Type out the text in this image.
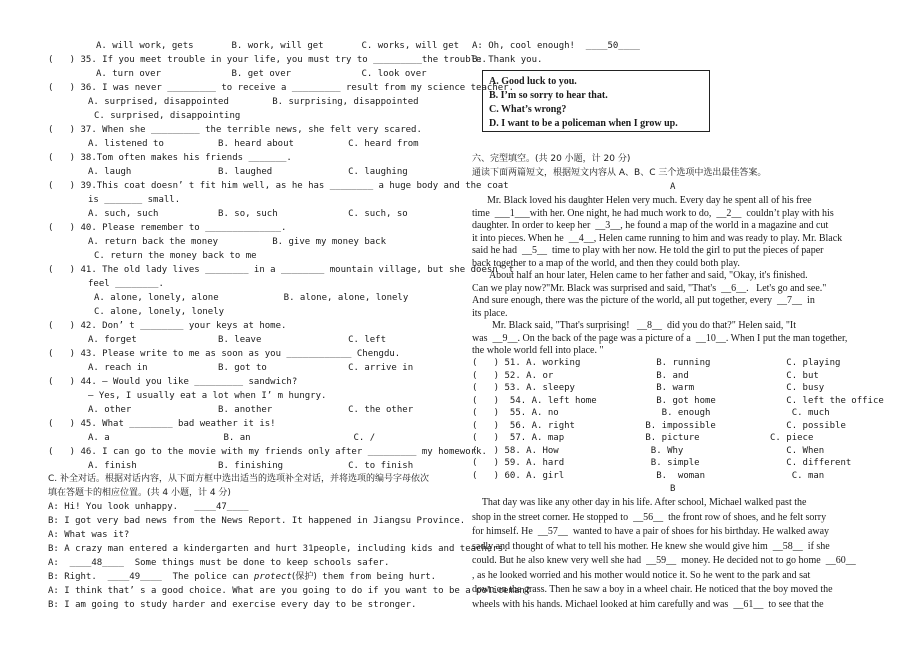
A. will work, gets       B. work, will get       C. works, will get
(   ) 35. If you meet trouble in your life, you must try to _________the trouble.
A. turn over             B. get over             C. look over
(   ) 36. I was never _________ to receive a _________ result from my science teacher.
A. surprised, disappointed        B. surprising, disappointed
C. surprised, disappointing
(   ) 37. When she _________ the terrible news, she felt very scared.
A. listened to          B. heard about          C. heard from
(   ) 38.Tom often makes his friends _______.
A. laugh                B. laughed              C. laughing
(   ) 39.This coat doesn’ t fit him well, as he has ________ a huge body and the coat
is _______ small.
A. such, such           B. so, such             C. such, so
(   ) 40. Please remember to ______________.
A. return back the money          B. give my money back
C. return the money back to me
(   ) 41. The old lady lives ________ in a ________ mountain village, but she doesn’ t
feel ________.
A. alone, lonely, alone            B. alone, alone, lonely
C. alone, lonely, lonely
(   ) 42. Don’ t ________ your keys at home.
A. forget               B. leave                C. left
(   ) 43. Please write to me as soon as you ____________ Chengdu.
A. reach in             B. got to               C. arrive in
(   ) 44. — Would you like _________ sandwich?
— Yes, I usually eat a lot when I’ m hungry.
A. other                B. another              C. the other
(   ) 45. What ________ bad weather it is!
A. a                     B. an                   C. /
(   ) 46. I can go to the movie with my friends only after _________ my homework.
A. finish               B. finishing            C. to finish
C. 补全对话。根据对话内容，从下面方框中选出适当的选项补全对话，并将选项的编号字母依次
填在答题卡的相应位置。(共 4 小题，计 4 分)
A: Hi! You look unhappy.   ____47____
B: I got very bad news from the News Report. It happened in Jiangsu Province.
A: What was it?
B: A crazy man entered a kindergarten and hurt 31people, including kids and teachers.
A:  ____48____  Some things must be done to keep schools safer.
B: Right.  ____49____  The police can protect(保护) them from being hurt.
A: I think that’ s a good choice. What are you going to do if you want to be a policeman?
B: I am going to study harder and exercise every day to be stronger.
A: Oh, cool enough!  ____50____
B: Thank you.
A. Good luck to you.
B. I’m so sorry to hear that.
C. What’s wrong?
D. I want to be a policeman when I grow up.
六、完型填空。(共 20 小题，计 20 分)
通读下面两篇短文，根据短文内容从 A、B、C 三个选项中选出最佳答案。
A
Mr. Black loved his daughter Helen very much. Every day he spent all of his free
time  ___1___with her. One night, he had much work to do,  __2__  couldn’t play with his
daughter. In order to keep her  __3__, he found a map of the world in a magazine and cut
it into pieces. When he  __4__, Helen came running to him and was ready to play. Mr. Black
said he had  __5__  time to play with her now. He told the girl to put the pieces of paper
back together to a map of the world, and then they could both play.
About half an hour later, Helen came to her father and said, "Okay, it's finished.
Can we play now?"Mr. Black was surprised and said, "That's  __6__.   Let's go and see."
And sure enough, there was the picture of the world, all put together, every  __7__  in
its place.
Mr. Black said, "That's surprising!   __8__  did you do that?" Helen said, "It
was  __9__. On the back of the page was a picture of a  __10__. When I put the man together,
the whole world fell into place. "
(   ) 51. A. working              B. running              C. playing
(   ) 52. A. or                   B. and                  C. but
(   ) 53. A. sleepy               B. warm                 C. busy
(   )  54. A. left home           B. got home             C. left the office
(   )  55. A. no                   B. enough               C. much
(   )  56. A. right             B. impossible             C. possible
(   )  57. A. map               B. picture             C. piece
(   ) 58. A. How                 B. Why                   C. When
(   ) 59. A. hard                B. simple                C. different
(   ) 60. A. girl                 B.  woman                C. man
B
That day was like any other day in his life. After school, Michael walked past the
shop in the street corner. He stopped to  __56__  the front row of shoes, and he felt sorry
for himself. He  __57__  wanted to have a pair of shoes for his birthday. He walked away
sadly and thought of what to tell his mother. He knew she would give him  __58__  if she
could. But he also knew very well she had  __59__  money. He decided not to go home  __60__
, as he looked worried and his mother would notice it. So he went to the park and sat
down on the grass. Then he saw a boy in a wheel chair. He noticed that the boy moved the
wheels with his hands. Michael looked at him carefully and was  __61__  to see that the
